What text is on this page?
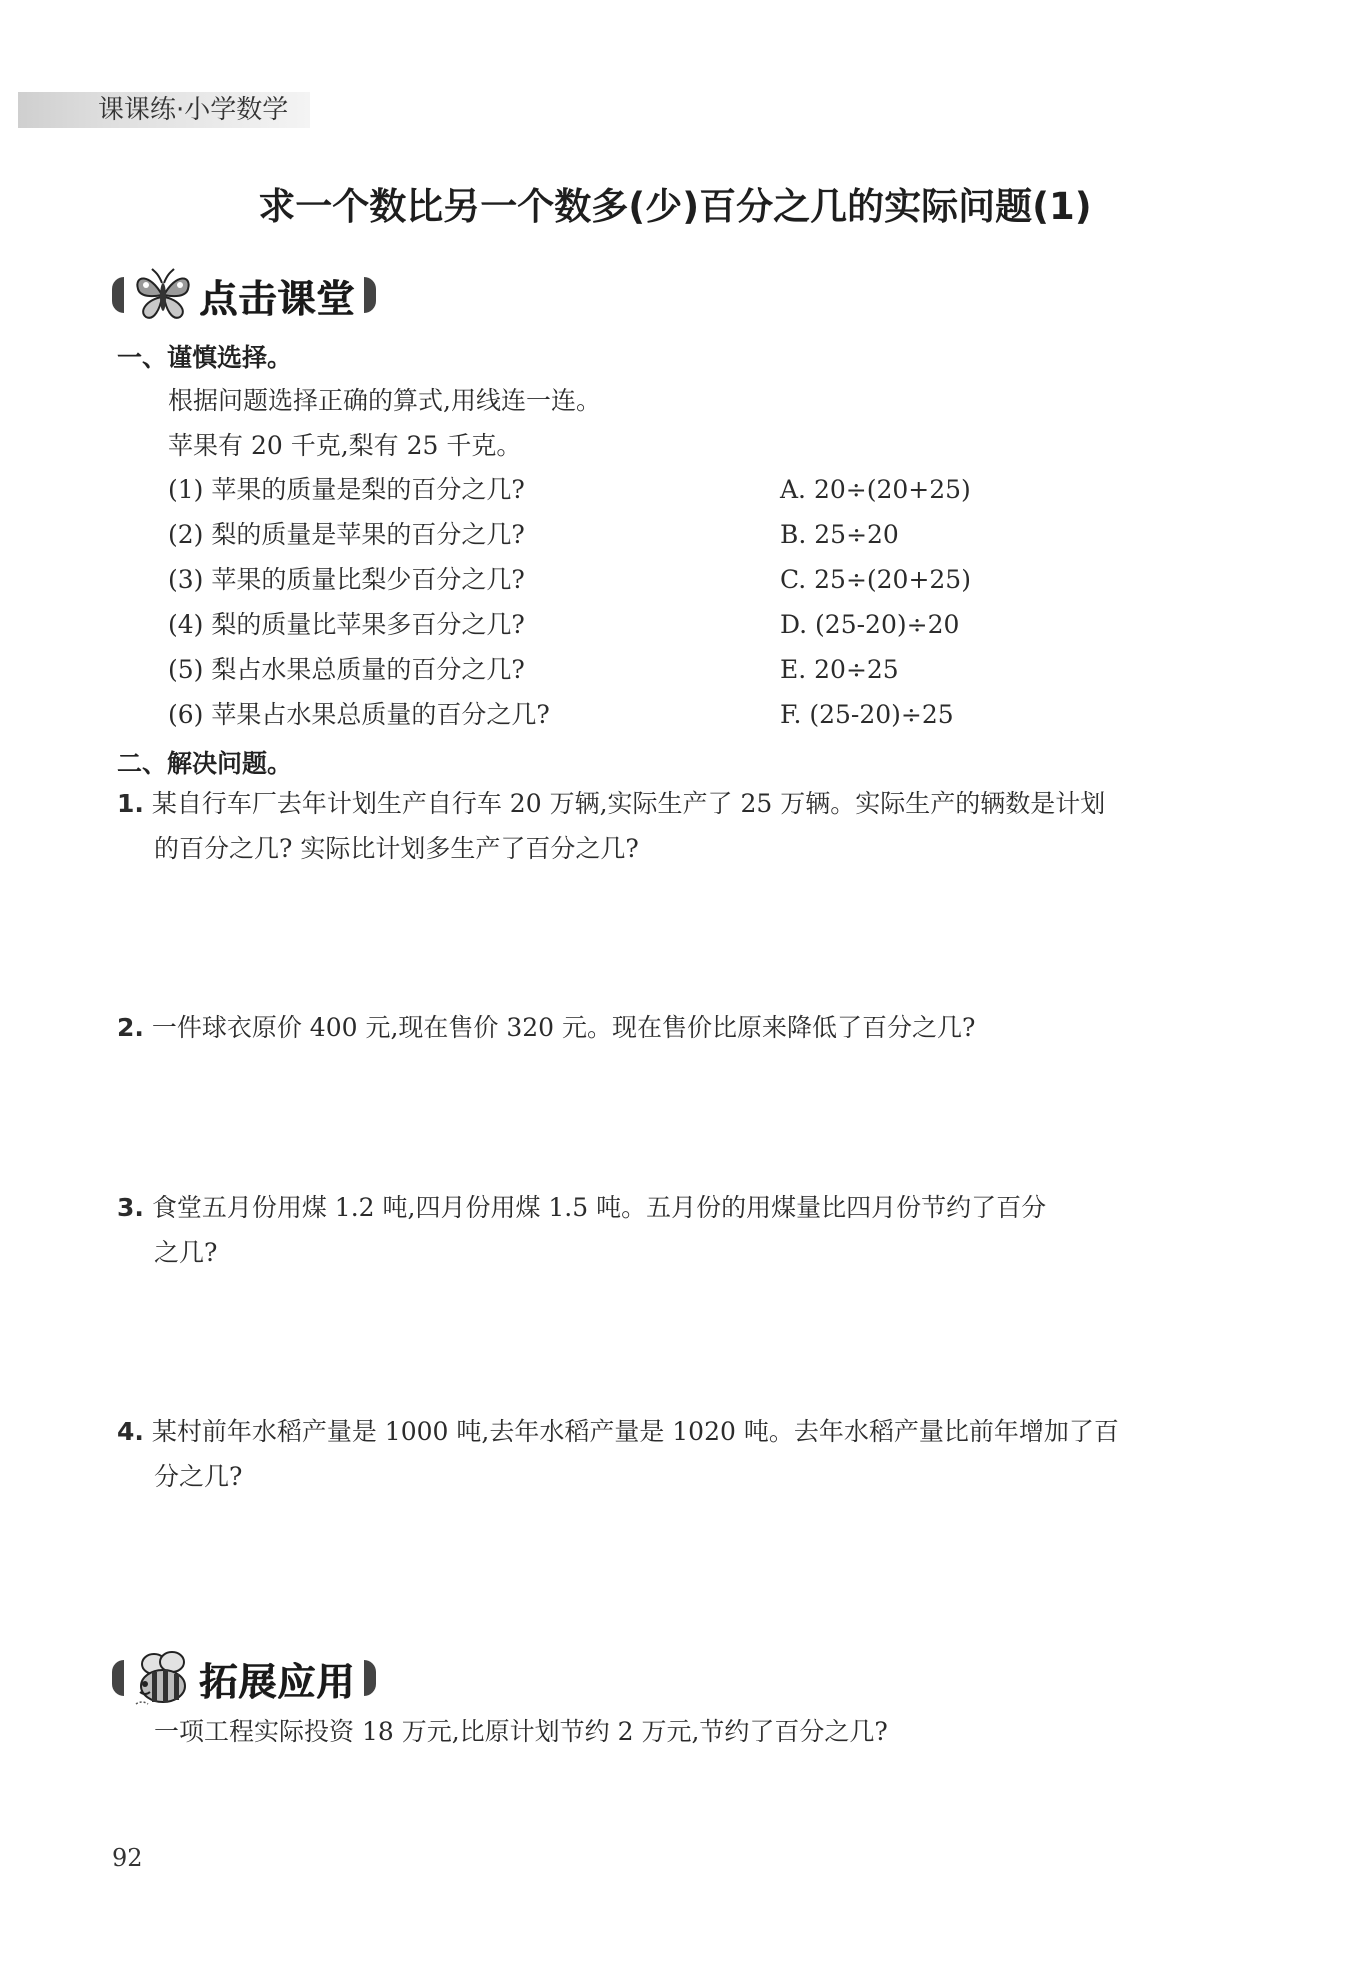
课课练·小学数学
求一个数比另一个数多(少)百分之几的实际问题(1)
点击课堂
一、谨慎选择。
根据问题选择正确的算式,用线连一连。
苹果有 20 千克,梨有 25 千克。
(1) 苹果的质量是梨的百分之几?
(2) 梨的质量是苹果的百分之几?
(3) 苹果的质量比梨少百分之几?
(4) 梨的质量比苹果多百分之几?
(5) 梨占水果总质量的百分之几?
(6) 苹果占水果总质量的百分之几?
A. 20÷(20+25)
B. 25÷20
C. 25÷(20+25)
D. (25-20)÷20
E. 20÷25
F. (25-20)÷25
二、解决问题。
1. 某自行车厂去年计划生产自行车 20 万辆,实际生产了 25 万辆。实际生产的辆数是计划
的百分之几? 实际比计划多生产了百分之几?
2. 一件球衣原价 400 元,现在售价 320 元。现在售价比原来降低了百分之几?
3. 食堂五月份用煤 1.2 吨,四月份用煤 1.5 吨。五月份的用煤量比四月份节约了百分
之几?
4. 某村前年水稻产量是 1000 吨,去年水稻产量是 1020 吨。去年水稻产量比前年增加了百
分之几?
拓展应用
一项工程实际投资 18 万元,比原计划节约 2 万元,节约了百分之几?
92
